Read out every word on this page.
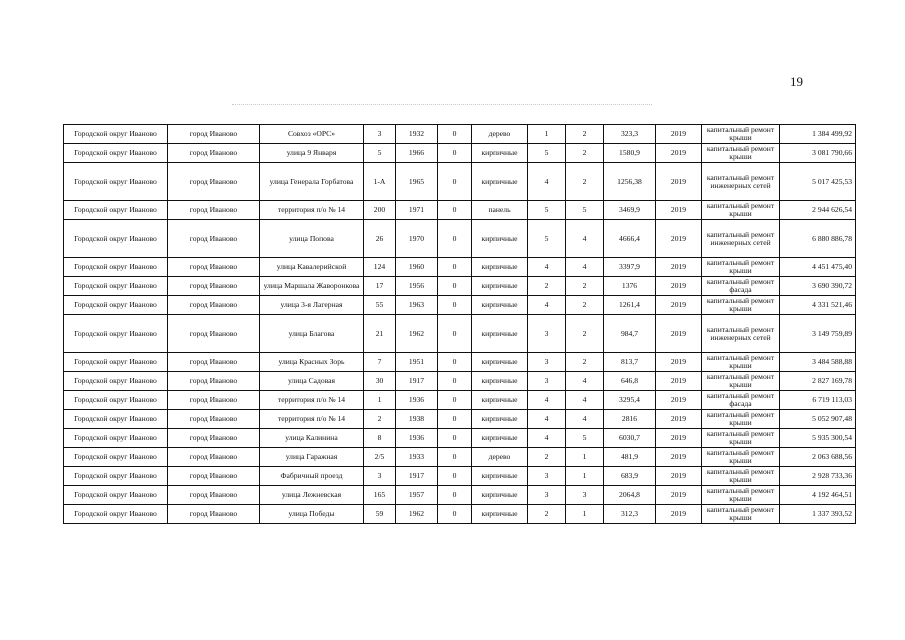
19
Городской округ Иваново	город Иваново	Совхоз «ОРС»	3	1932	0	дерево	1	2	323,3	2019	капитальный ремонт крыши	1 384 499,92
Городской округ Иваново	город Иваново	улица 9 Января	5	1966	0	кирпичные	5	2	1580,9	2019	капитальный ремонт крыши	3 081 790,66
Городской округ Иваново	город Иваново	улица Генерала Горбатова	1-А	1965	0	кирпичные	4	2	1256,38	2019	капитальный ремонт инженерных сетей	5 017 425,53
Городской округ Иваново	город Иваново	территория п/о № 14	200	1971	0	панель	5	5	3469,9	2019	капитальный ремонт крыши	2 944 626,54
Городской округ Иваново	город Иваново	улица Попова	26	1970	0	кирпичные	5	4	4666,4	2019	капитальный ремонт инженерных сетей	6 880 886,78
Городской округ Иваново	город Иваново	улица Кавалерийской	124	1960	0	кирпичные	4	4	3397,9	2019	капитальный ремонт крыши	4 451 475,40
Городской округ Иваново	город Иваново	улица Маршала Жаворонкова	17	1956	0	кирпичные	2	2	1376	2019	капитальный ремонт фасада	3 690 390,72
Городской округ Иваново	город Иваново	улица 3-я Лагерная	55	1963	0	кирпичные	4	2	1261,4	2019	капитальный ремонт крыши	4 331 521,46
Городской округ Иваново	город Иваново	улица Благова	21	1962	0	кирпичные	3	2	984,7	2019	капитальный ремонт инженерных сетей	3 149 759,89
Городской округ Иваново	город Иваново	улица Красных Зорь	7	1951	0	кирпичные	3	2	813,7	2019	капитальный ремонт крыши	3 484 588,88
Городской округ Иваново	город Иваново	улица Садовая	30	1917	0	кирпичные	3	4	646,8	2019	капитальный ремонт крыши	2 827 169,78
Городской округ Иваново	город Иваново	территория п/о № 14	1	1936	0	кирпичные	4	4	3295,4	2019	капитальный ремонт фасада	6 719 113,03
Городской округ Иваново	город Иваново	территория п/о № 14	2	1938	0	кирпичные	4	4	2816	2019	капитальный ремонт крыши	5 052 907,48
Городской округ Иваново	город Иваново	улица Калинина	8	1936	0	кирпичные	4	5	6030,7	2019	капитальный ремонт крыши	5 935 300,54
Городской округ Иваново	город Иваново	улица Гаражная	2/5	1933	0	дерево	2	1	481,9	2019	капитальный ремонт крыши	2 063 688,56
Городской округ Иваново	город Иваново	Фабричный проезд	3	1917	0	кирпичные	3	1	683,9	2019	капитальный ремонт крыши	2 928 733,36
Городской округ Иваново	город Иваново	улица Лежневская	165	1957	0	кирпичные	3	3	2064,8	2019	капитальный ремонт крыши	4 192 464,51
Городской округ Иваново	город Иваново	улица Победы	59	1962	0	кирпичные	2	1	312,3	2019	капитальный ремонт крыши	1 337 393,52
